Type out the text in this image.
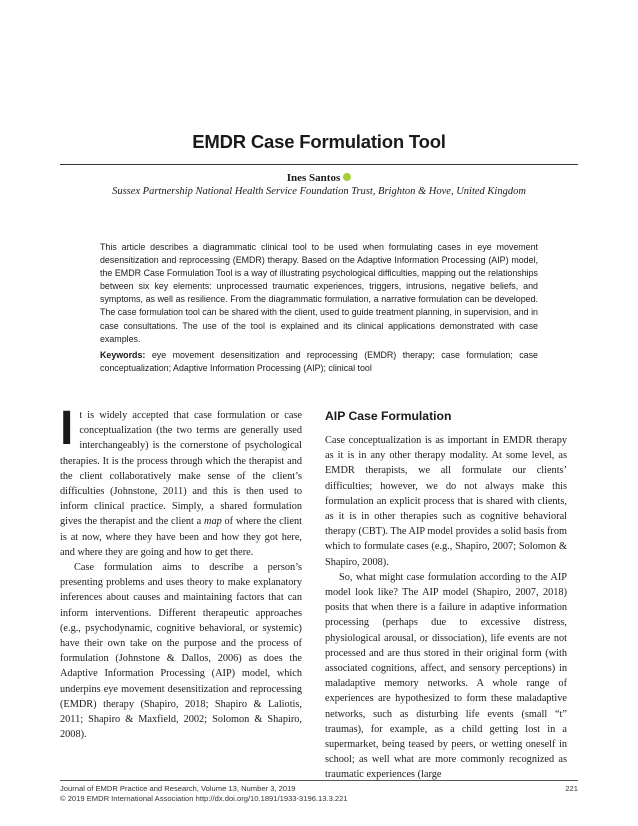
EMDR Case Formulation Tool
Ines Santos
Sussex Partnership National Health Service Foundation Trust, Brighton & Hove, United Kingdom

This article describes a diagrammatic clinical tool to be used when formulating cases in eye movement desensitization and reprocessing (EMDR) therapy. Based on the Adaptive Information Processing (AIP) model, the EMDR Case Formulation Tool is a way of illustrating psychological difficulties, mapping out the relationships between six key elements: unprocessed traumatic experiences, triggers, intrusions, negative beliefs, and symptoms, as well as resilience. From the diagrammatic formulation, a narrative formulation can be developed. The case formulation tool can be shared with the client, used to guide treatment planning, in supervision, and in case consultations. The use of the tool is explained and its clinical applications demonstrated with case examples.

Keywords: eye movement desensitization and reprocessing (EMDR) therapy; case formulation; case conceptualization; Adaptive Information Processing (AIP); clinical tool

It is widely accepted that case formulation or case conceptualization (the two terms are generally used interchangeably) is the cornerstone of psychological therapies. It is the process through which the therapist and the client collaboratively make sense of the client’s difficulties (Johnstone, 2011) and this is then used to inform clinical practice. Simply, a shared formulation gives the therapist and the client a map of where the client is at now, where they have been and how they got here, and where they are going and how to get there.

Case formulation aims to describe a person’s presenting problems and uses theory to make explanatory inferences about causes and maintaining factors that can inform interventions. Different therapeutic approaches (e.g., psychodynamic, cognitive behavioral, or systemic) have their own take on the purpose and the process of formulation (Johnstone & Dallos, 2006) as does the Adaptive Information Processing (AIP) model, which underpins eye movement desensitization and reprocessing (EMDR) therapy (Shapiro, 2018; Shapiro & Laliotis, 2011; Shapiro & Maxfield, 2002; Solomon & Shapiro, 2008).

AIP Case Formulation

Case conceptualization is as important in EMDR therapy as it is in any other therapy modality. At some level, as EMDR therapists, we all formulate our clients’ difficulties; however, we do not always make this formulation an explicit process that is shared with clients, as it is in other therapies such as cognitive behavioral therapy (CBT). The AIP model provides a solid basis from which to formulate cases (e.g., Shapiro, 2007; Solomon & Shapiro, 2008).

So, what might case formulation according to the AIP model look like? The AIP model (Shapiro, 2007, 2018) posits that when there is a failure in adaptive information processing (perhaps due to excessive distress, physiological arousal, or dissociation), life events are not processed and are thus stored in their original form (with associated cognitions, affect, and sensory perceptions) in maladaptive memory networks. A whole range of experiences are hypothesized to form these maladaptive networks, such as disturbing life events (small “t” traumas), for example, as a child getting lost in a supermarket, being teased by peers, or wetting oneself in school; as well what are more commonly recognized as traumatic experiences (large

Journal of EMDR Practice and Research, Volume 13, Number 3, 2019
© 2019 EMDR International Association http://dx.doi.org/10.1891/1933-3196.13.3.221
221
